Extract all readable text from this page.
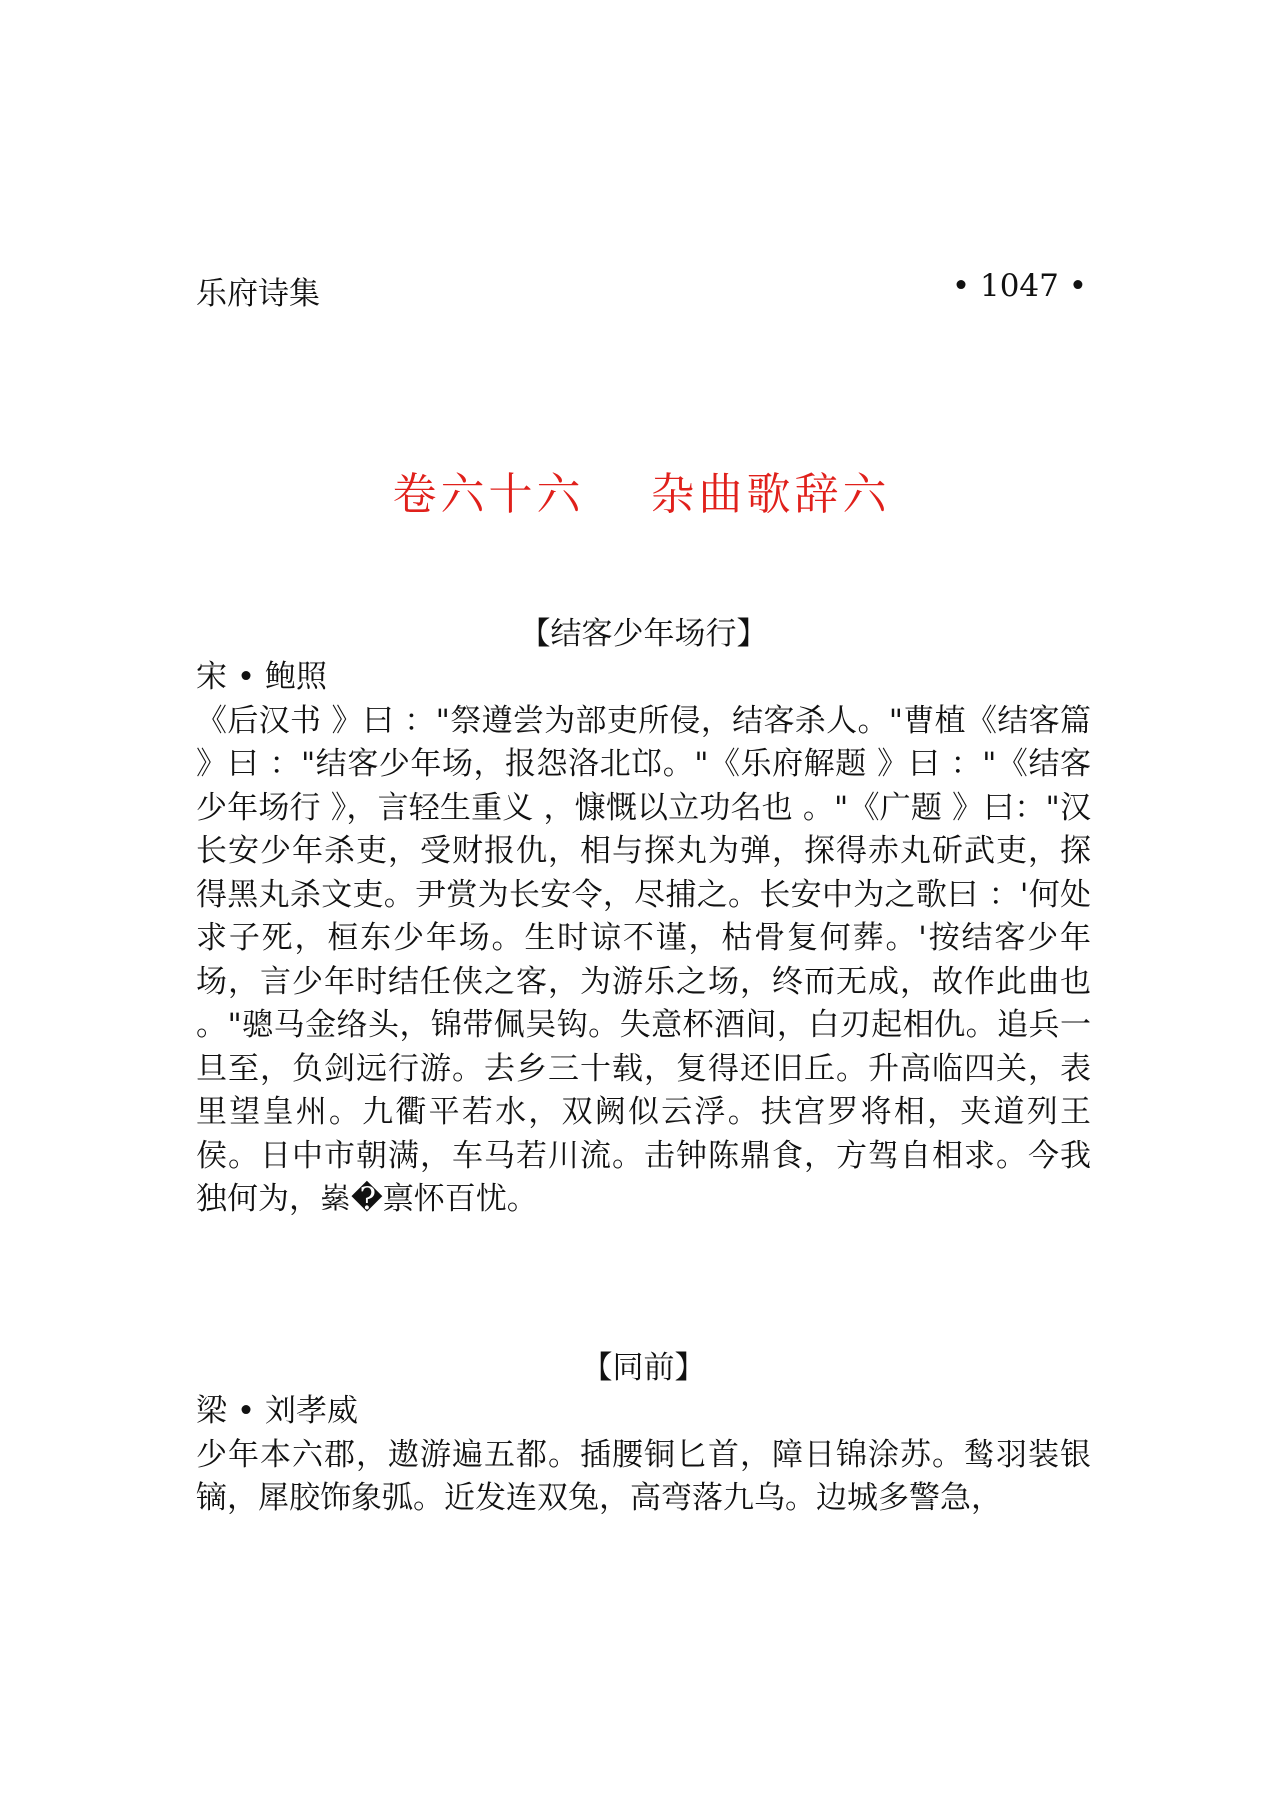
乐府诗集	• 1047 •
卷六十六　 杂曲歌辞六

【结客少年场行】

宋 • 鲍照

《后汉书 》曰 ："祭遵尝为部吏所侵，结客杀人。"曹植《结客篇 》曰 ："结客少年场，报怨洛北邙。"《乐府解题 》曰 ："《结客少年场行 》，言轻生重义 ，慷慨以立功名也 。"《广题 》曰："汉长安少年杀吏，受财报仇，相与探丸为弹，探得赤丸斫武吏，探得黑丸杀文吏。尹赏为长安令，尽捕之。长安中为之歌曰 ：'何处求子死，桓东少年场。生时谅不谨，枯骨复何葬。'按结客少年场，言少年时结任侠之客，为游乐之场，终而无成，故作此曲也 。"骢马金络头，锦带佩吴钩。失意杯酒间，白刃起相仇。追兵一旦至，负剑远行游。去乡三十载，复得还旧丘。升高临四关，表里望皇州。九衢平若水，双阙似云浮。扶宫罗将相，夹道列王侯。日中市朝满，车马若川流。击钟陈鼎食，方驾自相求。今我独何为，𡼊�禀怀百忧。

【同前】

梁 • 刘孝威

少年本六郡，遨游遍五都。插腰铜匕首，障日锦涂苏。鹙羽装银镝，犀胶饰象弧。近发连双兔，高弯落九乌。边城多警急，
